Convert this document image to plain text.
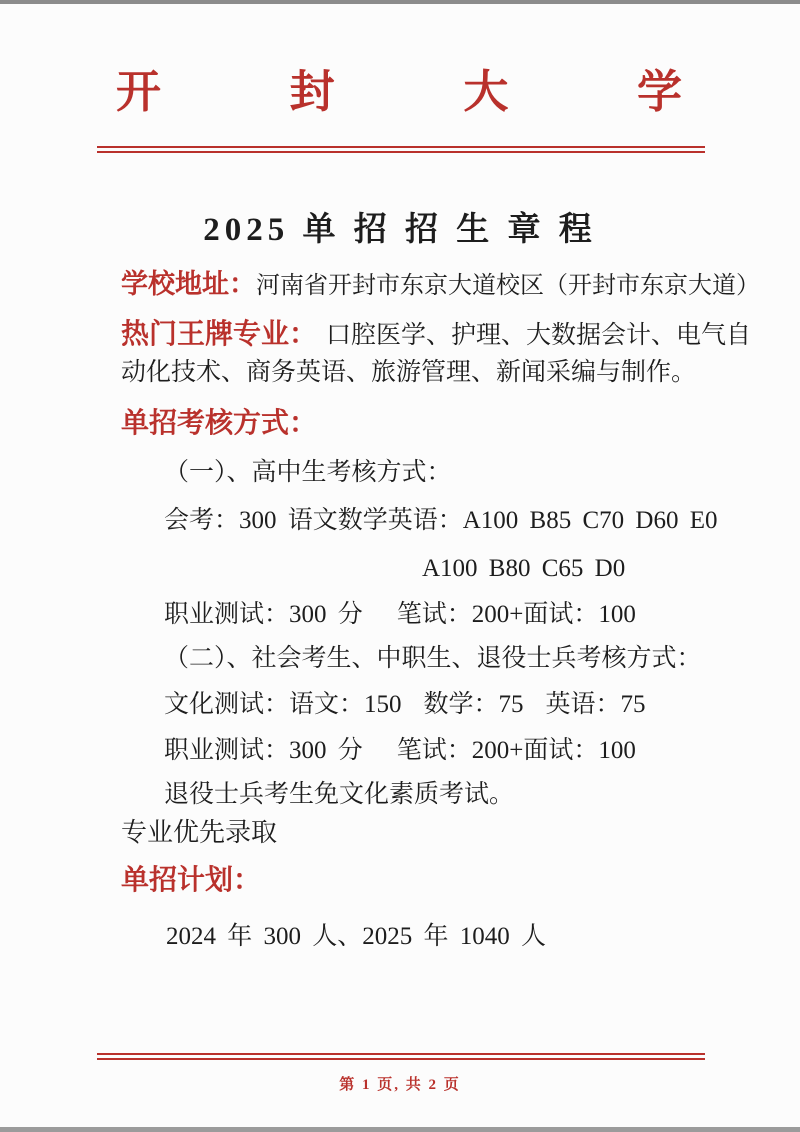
开	封	大	学
2025 单 招 招 生 章 程
学校地址：河南省开封市东京大道校区（开封市东京大道）
热门王牌专业： 口腔医学、护理、大数据会计、电气自
动化技术、商务英语、旅游管理、新闻采编与制作。
单招考核方式：
（一）、高中生考核方式：
会考：300 语文数学英语：A100 B85 C70 D60 E0
A100 B80 C65 D0
职业测试：300 分 笔试：200+面试：100
（二）、社会考生、中职生、退役士兵考核方式：
文化测试：语文：150 数学：75 英语：75
职业测试：300 分 笔试：200+面试：100
退役士兵考生免文化素质考试。
专业优先录取
单招计划：
2024 年 300 人、2025 年 1040 人
第 1 页, 共 2 页
